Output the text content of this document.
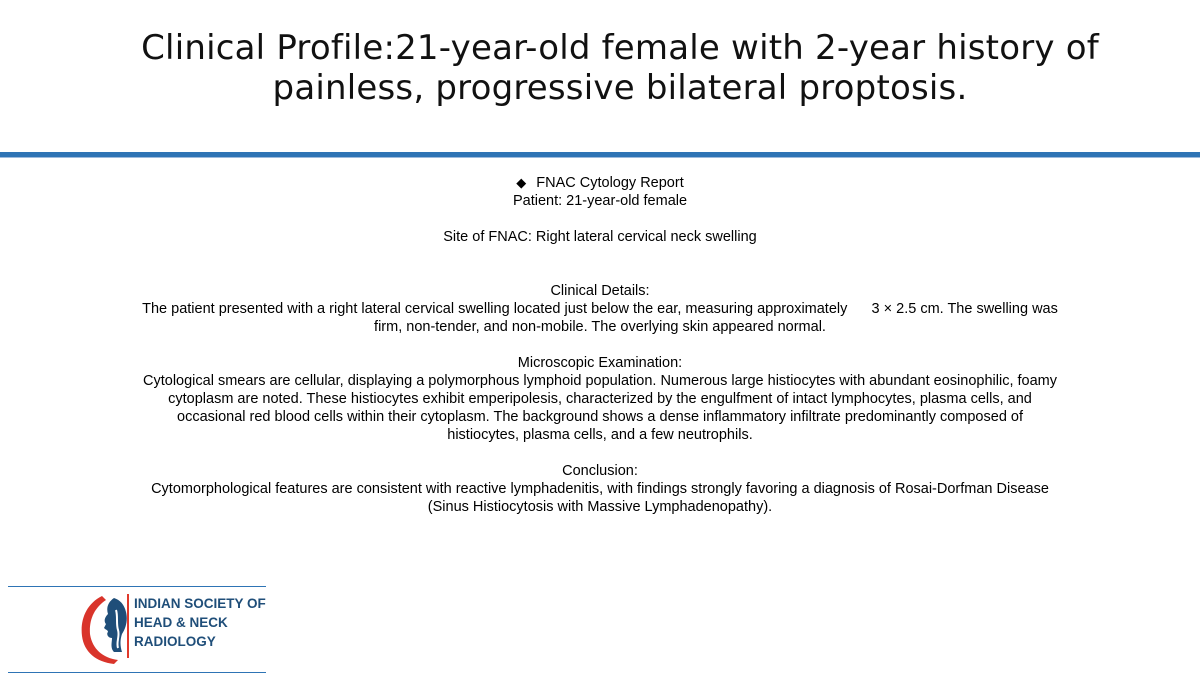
Clinical Profile:21-year-old female with 2-year history of
painless, progressive bilateral proptosis.

◆ FNAC Cytology Report

Patient: 21-year-old female

Site of FNAC: Right lateral cervical neck swelling

Clinical Details:

The patient presented with a right lateral cervical swelling located just below the ear, measuring approximately      3 × 2.5 cm. The swelling was

firm, non-tender, and non-mobile. The overlying skin appeared normal.

Microscopic Examination:

Cytological smears are cellular, displaying a polymorphous lymphoid population. Numerous large histiocytes with abundant eosinophilic, foamy

cytoplasm are noted. These histiocytes exhibit emperipolesis, characterized by the engulfment of intact lymphocytes, plasma cells, and

occasional red blood cells within their cytoplasm. The background shows a dense inflammatory infiltrate predominantly composed of

histiocytes, plasma cells, and a few neutrophils.

Conclusion:

Cytomorphological features are consistent with reactive lymphadenitis, with findings strongly favoring a diagnosis of Rosai-Dorfman Disease

(Sinus Histiocytosis with Massive Lymphadenopathy).

INDIAN SOCIETY OF
HEAD & NECK
RADIOLOGY
